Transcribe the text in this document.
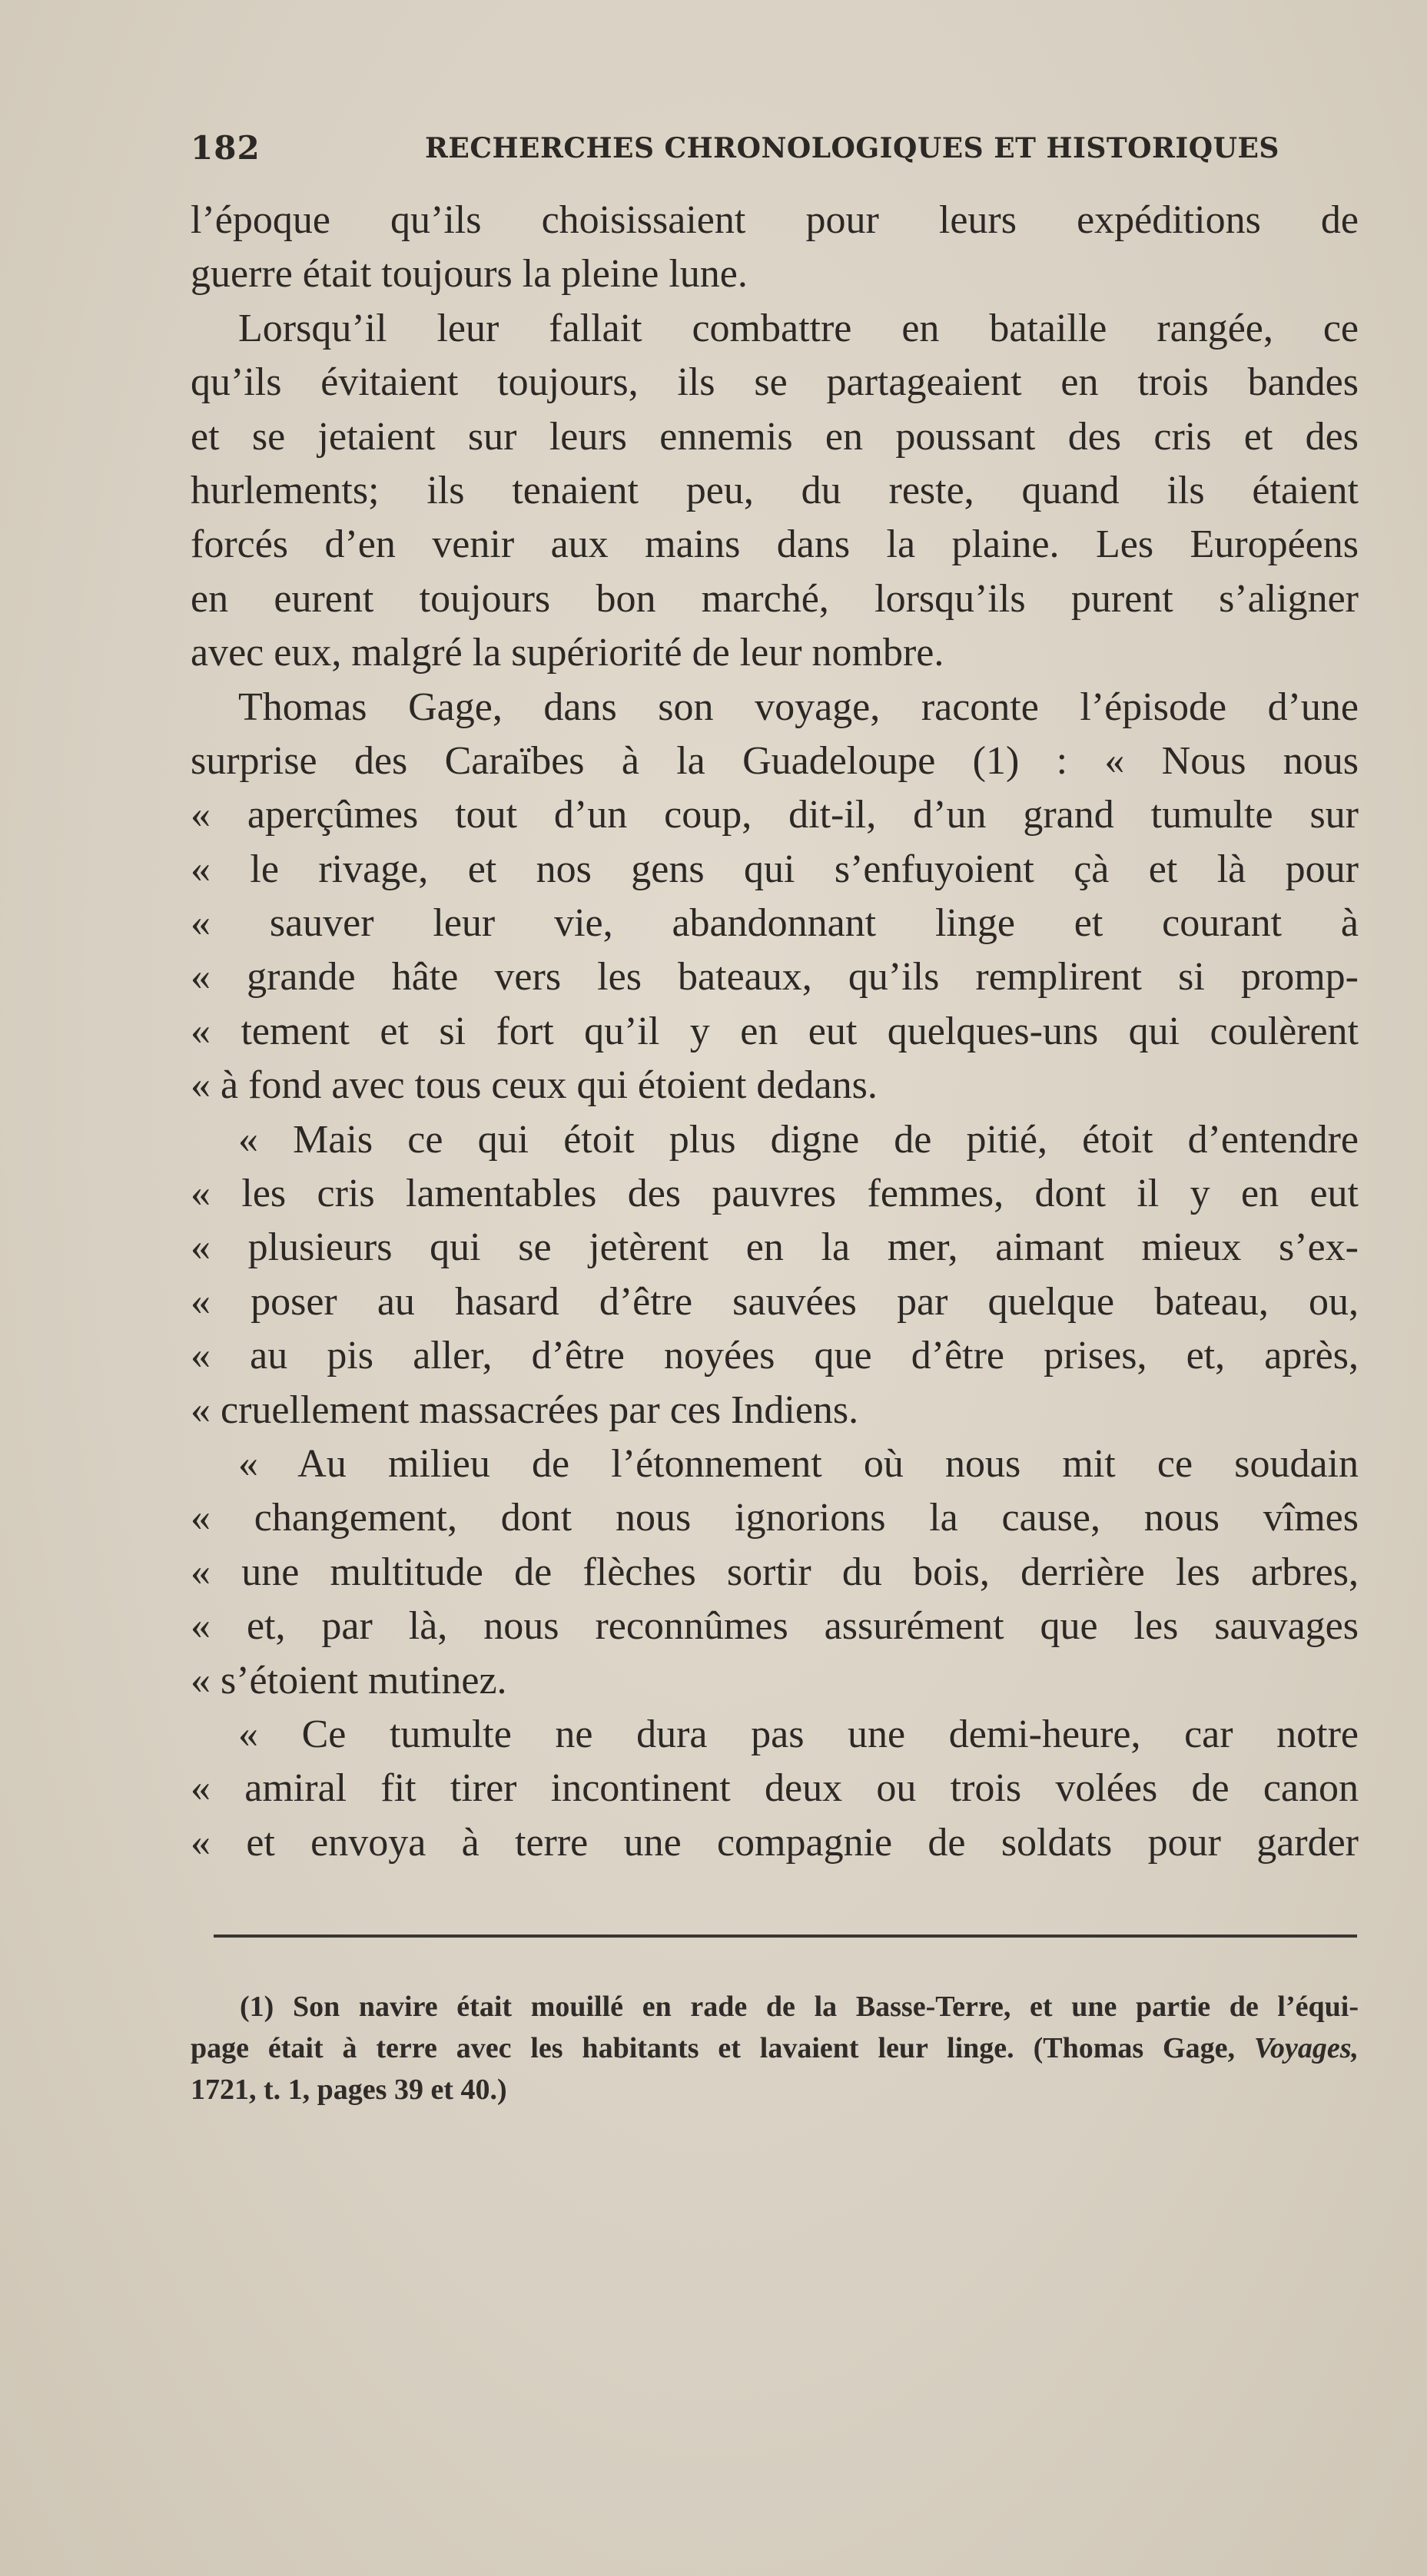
182	RECHERCHES CHRONOLOGIQUES ET HISTORIQUES
l’époque qu’ils choisissaient pour leurs expéditions de
guerre était toujours la pleine lune.
Lorsqu’il leur fallait combattre en bataille rangée, ce
qu’ils évitaient toujours, ils se partageaient en trois bandes
et se jetaient sur leurs ennemis en poussant des cris et des
hurlements; ils tenaient peu, du reste, quand ils étaient
forcés d’en venir aux mains dans la plaine. Les Européens
en eurent toujours bon marché, lorsqu’ils purent s’aligner
avec eux, malgré la supériorité de leur nombre.
Thomas Gage, dans son voyage, raconte l’épisode d’une
surprise des Caraïbes à la Guadeloupe (1) : « Nous nous
« aperçûmes tout d’un coup, dit-il, d’un grand tumulte sur
« le rivage, et nos gens qui s’enfuyoient çà et là pour
« sauver leur vie, abandonnant linge et courant à
« grande hâte vers les bateaux, qu’ils remplirent si promp-
« tement et si fort qu’il y en eut quelques-uns qui coulèrent
« à fond avec tous ceux qui étoient dedans.
« Mais ce qui étoit plus digne de pitié, étoit d’entendre
« les cris lamentables des pauvres femmes, dont il y en eut
« plusieurs qui se jetèrent en la mer, aimant mieux s’ex-
« poser au hasard d’être sauvées par quelque bateau, ou,
« au pis aller, d’être noyées que d’être prises, et, après,
« cruellement massacrées par ces Indiens.
« Au milieu de l’étonnement où nous mit ce soudain
« changement, dont nous ignorions la cause, nous vîmes
« une multitude de flèches sortir du bois, derrière les arbres,
« et, par là, nous reconnûmes assurément que les sauvages
« s’étoient mutinez.
« Ce tumulte ne dura pas une demi-heure, car notre
« amiral fit tirer incontinent deux ou trois volées de canon
« et envoya à terre une compagnie de soldats pour garder
(1) Son navire était mouillé en rade de la Basse-Terre, et une partie de l’équi-
page était à terre avec les habitants et lavaient leur linge. (Thomas Gage, Voyages,
1721, t. 1, pages 39 et 40.)
